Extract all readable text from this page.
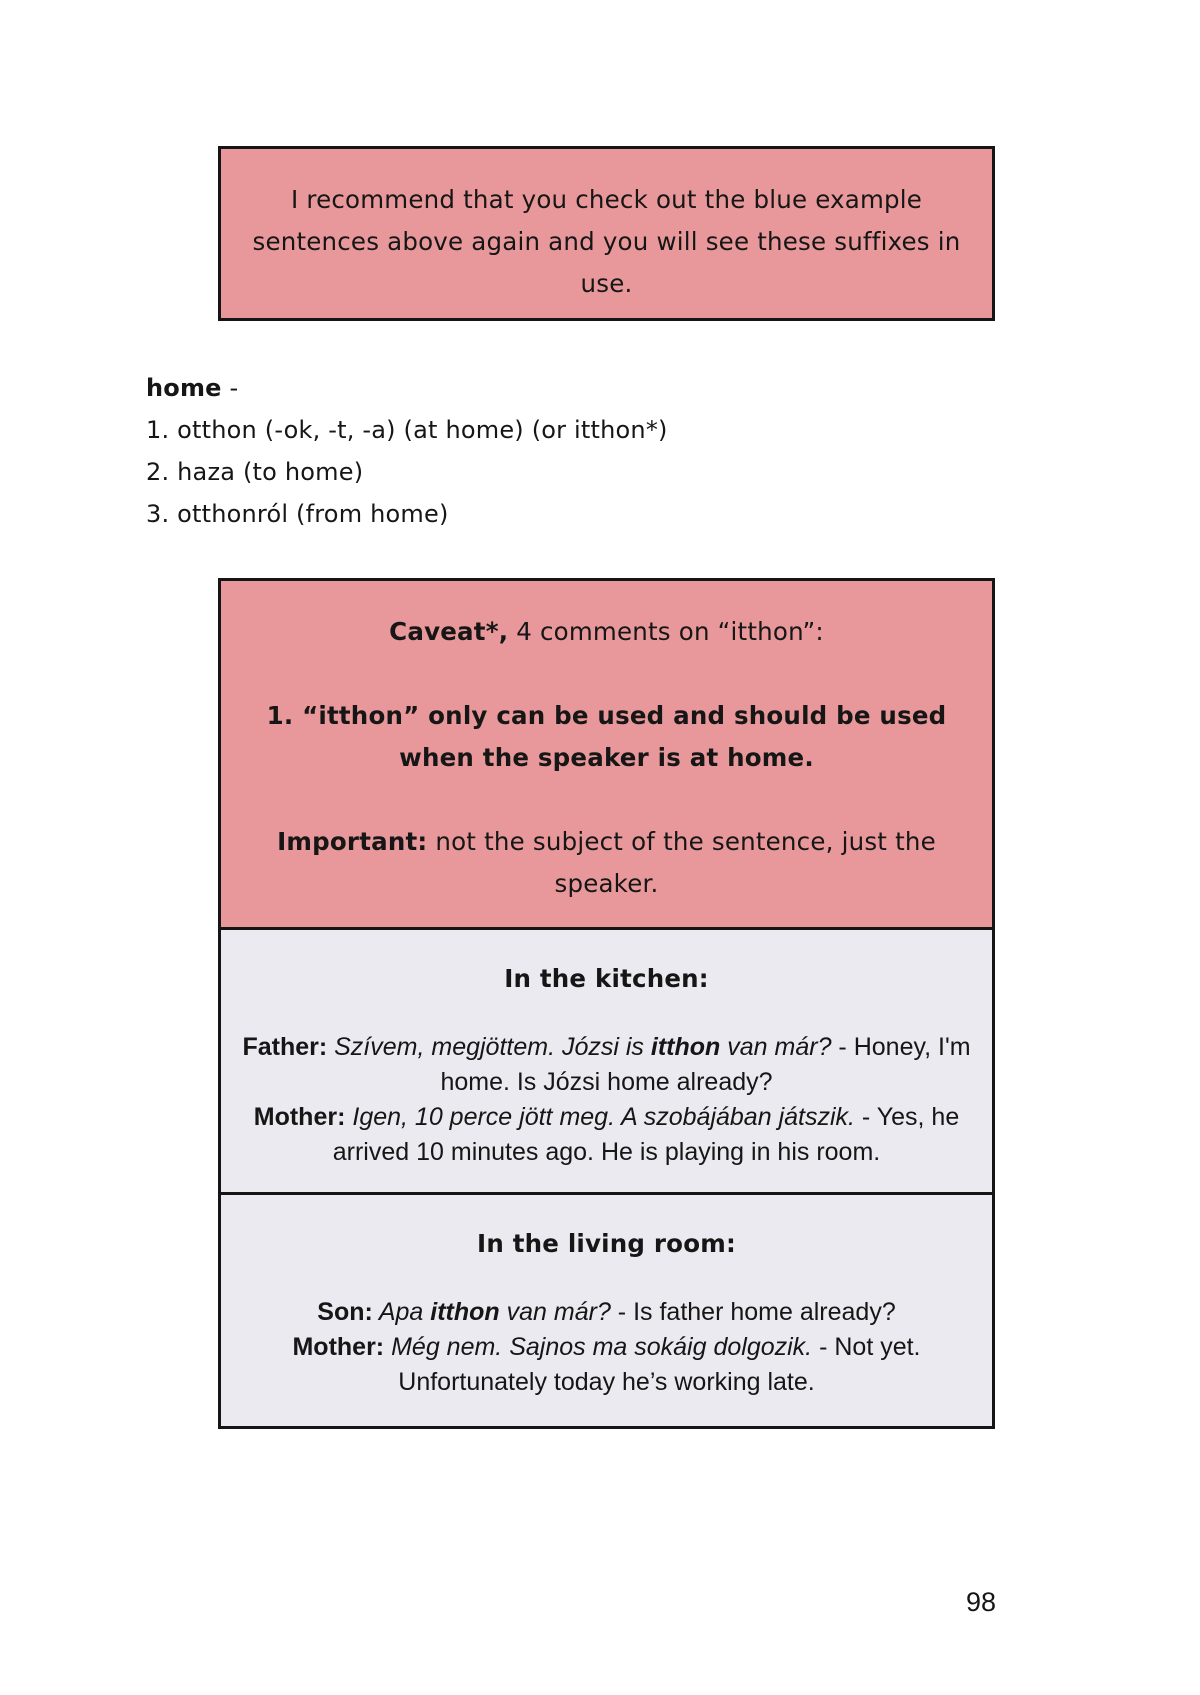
I recommend that you check out the blue example sentences above again and you will see these suffixes in use.

home -

1. otthon (-ok, -t, -a) (at home) (or itthon*)

2. haza (to home)

3. otthonról (from home)

Caveat*, 4 comments on “itthon”:

1. “itthon” only can be used and should be used when the speaker is at home.

Important: not the subject of the sentence, just the speaker.

In the kitchen:

Father: Szívem, megjöttem. Józsi is itthon van már? - Honey, I'm home. Is Józsi home already?

Mother: Igen, 10 perce jött meg. A szobájában játszik. - Yes, he arrived 10 minutes ago. He is playing in his room.

In the living room:

Son: Apa itthon van már? - Is father home already?

Mother: Még nem. Sajnos ma sokáig dolgozik. - Not yet. Unfortunately today he’s working late.

98
